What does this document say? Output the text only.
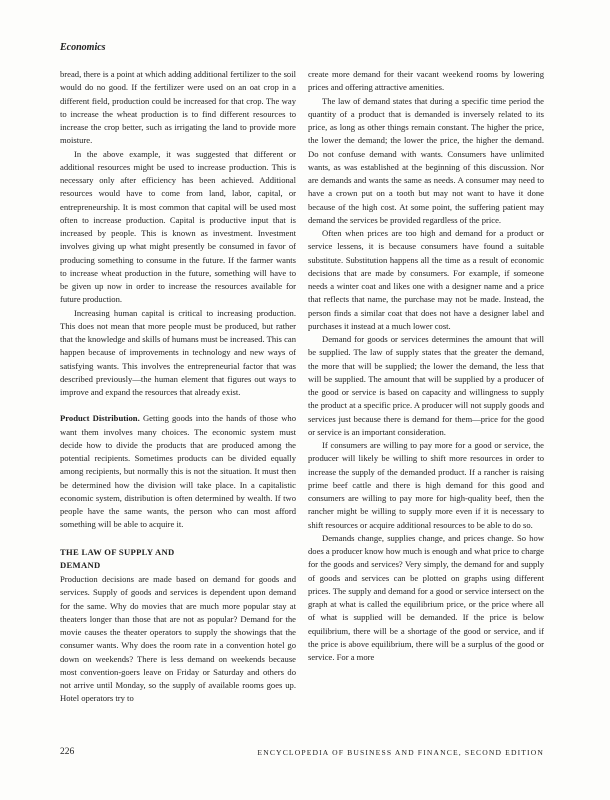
Economics

bread, there is a point at which adding additional fertilizer to the soil would do no good. If the fertilizer were used on an oat crop in a different field, production could be increased for that crop. The way to increase the wheat production is to find different resources to increase the crop better, such as irrigating the land to provide more moisture.

In the above example, it was suggested that different or additional resources might be used to increase production. This is necessary only after efficiency has been achieved. Additional resources would have to come from land, labor, capital, or entrepreneurship. It is most common that capital will be used most often to increase production. Capital is productive input that is increased by people. This is known as investment. Investment involves giving up what might presently be consumed in favor of producing something to consume in the future. If the farmer wants to increase wheat production in the future, something will have to be given up now in order to increase the resources available for future production.

Increasing human capital is critical to increasing production. This does not mean that more people must be produced, but rather that the knowledge and skills of humans must be increased. This can happen because of improvements in technology and new ways of satisfying wants. This involves the entrepreneurial factor that was described previously—the human element that figures out ways to improve and expand the resources that already exist.

Product Distribution. Getting goods into the hands of those who want them involves many choices. The economic system must decide how to divide the products that are produced among the potential recipients. Sometimes products can be divided equally among recipients, but normally this is not the situation. It must then be determined how the division will take place. In a capitalistic economic system, distribution is often determined by wealth. If two people have the same wants, the person who can most afford something will be able to acquire it.

THE LAW OF SUPPLY AND
DEMAND

Production decisions are made based on demand for goods and services. Supply of goods and services is dependent upon demand for the same. Why do movies that are much more popular stay at theaters longer than those that are not as popular? Demand for the movie causes the theater operators to supply the showings that the consumer wants. Why does the room rate in a convention hotel go down on weekends? There is less demand on weekends because most convention-goers leave on Friday or Saturday and others do not arrive until Monday, so the supply of available rooms goes up. Hotel operators try to

create more demand for their vacant weekend rooms by lowering prices and offering attractive amenities.

The law of demand states that during a specific time period the quantity of a product that is demanded is inversely related to its price, as long as other things remain constant. The higher the price, the lower the demand; the lower the price, the higher the demand. Do not confuse demand with wants. Consumers have unlimited wants, as was established at the beginning of this discussion. Nor are demands and wants the same as needs. A consumer may need to have a crown put on a tooth but may not want to have it done because of the high cost. At some point, the suffering patient may demand the services be provided regardless of the price.

Often when prices are too high and demand for a product or service lessens, it is because consumers have found a suitable substitute. Substitution happens all the time as a result of economic decisions that are made by consumers. For example, if someone needs a winter coat and likes one with a designer name and a price that reflects that name, the purchase may not be made. Instead, the person finds a similar coat that does not have a designer label and purchases it instead at a much lower cost.

Demand for goods or services determines the amount that will be supplied. The law of supply states that the greater the demand, the more that will be supplied; the lower the demand, the less that will be supplied. The amount that will be supplied by a producer of the good or service is based on capacity and willingness to supply the product at a specific price. A producer will not supply goods and services just because there is demand for them—price for the good or service is an important consideration.

If consumers are willing to pay more for a good or service, the producer will likely be willing to shift more resources in order to increase the supply of the demanded product. If a rancher is raising prime beef cattle and there is high demand for this good and consumers are willing to pay more for high-quality beef, then the rancher might be willing to supply more even if it is necessary to shift resources or acquire additional resources to be able to do so.

Demands change, supplies change, and prices change. So how does a producer know how much is enough and what price to charge for the goods and services? Very simply, the demand for and supply of goods and services can be plotted on graphs using different prices. The supply and demand for a good or service intersect on the graph at what is called the equilibrium price, or the price where all of what is supplied will be demanded. If the price is below equilibrium, there will be a shortage of the good or service, and if the price is above equilibrium, there will be a surplus of the good or service. For a more

226	ENCYCLOPEDIA OF BUSINESS AND FINANCE, SECOND EDITION
